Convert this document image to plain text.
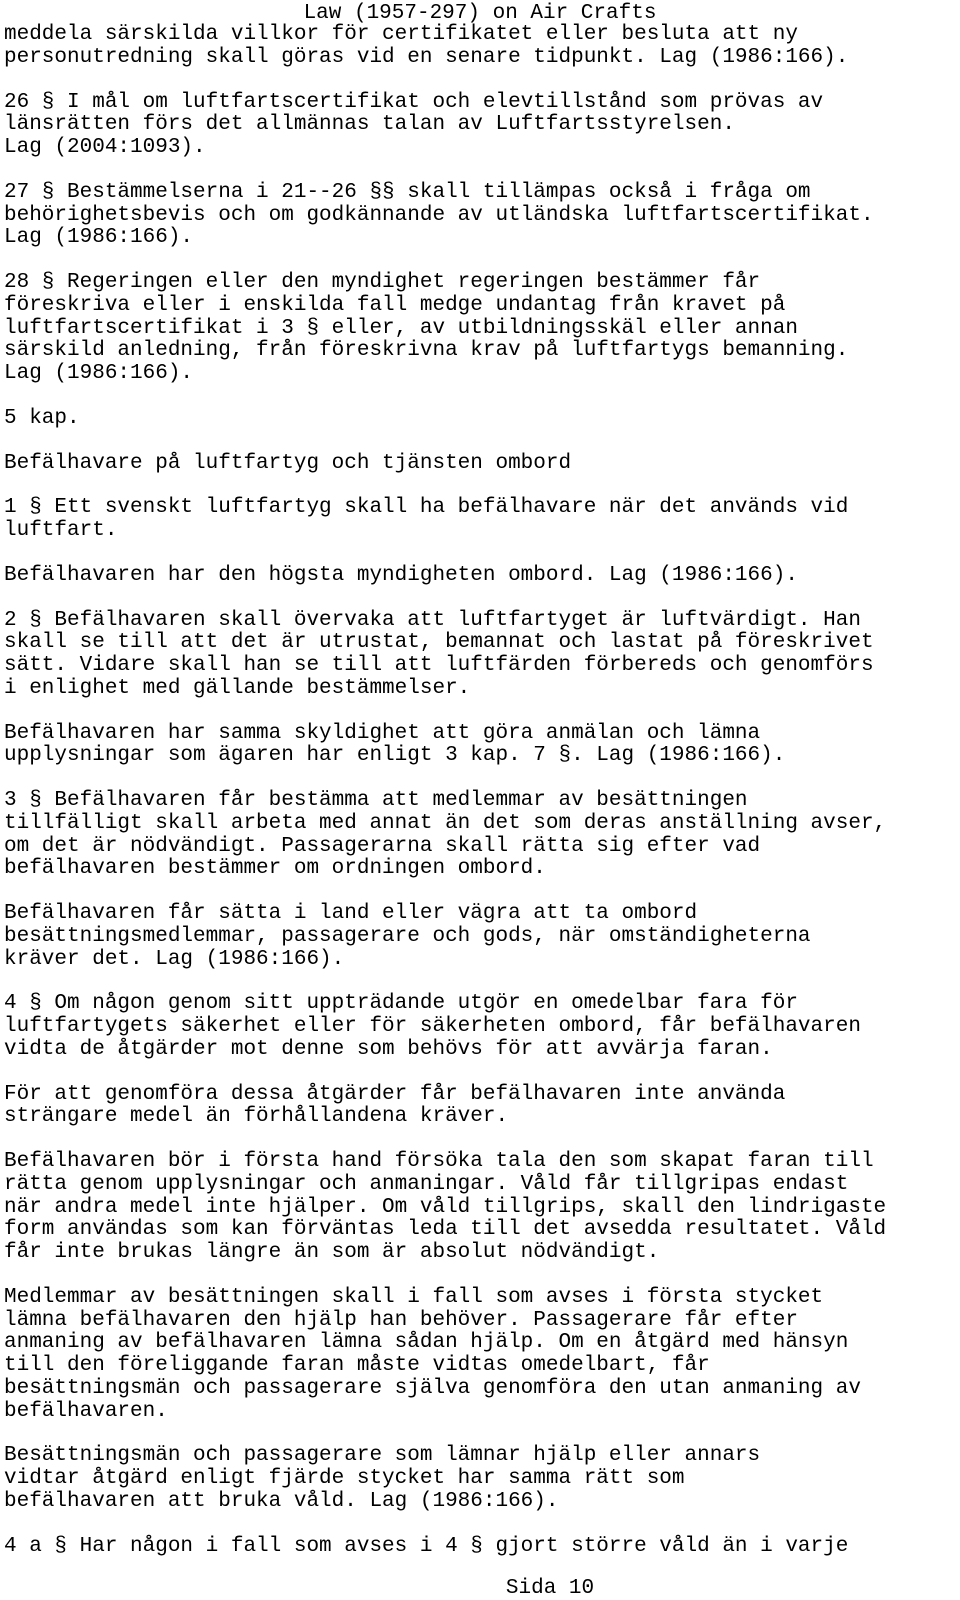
Law (1957-297) on Air Crafts

meddela särskilda villkor för certifikatet eller besluta att ny
personutredning skall göras vid en senare tidpunkt. Lag (1986:166).

26 § I mål om luftfartscertifikat och elevtillstånd som prövas av
länsrätten förs det allmännas talan av Luftfartsstyrelsen.
Lag (2004:1093).

27 § Bestämmelserna i 21--26 §§ skall tillämpas också i fråga om
behörighetsbevis och om godkännande av utländska luftfartscertifikat.
Lag (1986:166).

28 § Regeringen eller den myndighet regeringen bestämmer får
föreskriva eller i enskilda fall medge undantag från kravet på
luftfartscertifikat i 3 § eller, av utbildningsskäl eller annan
särskild anledning, från föreskrivna krav på luftfartygs bemanning.
Lag (1986:166).

5 kap.

Befälhavare på luftfartyg och tjänsten ombord

1 § Ett svenskt luftfartyg skall ha befälhavare när det används vid
luftfart.

Befälhavaren har den högsta myndigheten ombord. Lag (1986:166).

2 § Befälhavaren skall övervaka att luftfartyget är luftvärdigt. Han
skall se till att det är utrustat, bemannat och lastat på föreskrivet
sätt. Vidare skall han se till att luftfärden förbereds och genomförs
i enlighet med gällande bestämmelser.

Befälhavaren har samma skyldighet att göra anmälan och lämna
upplysningar som ägaren har enligt 3 kap. 7 §. Lag (1986:166).

3 § Befälhavaren får bestämma att medlemmar av besättningen
tillfälligt skall arbeta med annat än det som deras anställning avser,
om det är nödvändigt. Passagerarna skall rätta sig efter vad
befälhavaren bestämmer om ordningen ombord.

Befälhavaren får sätta i land eller vägra att ta ombord
besättningsmedlemmar, passagerare och gods, när omständigheterna
kräver det. Lag (1986:166).

4 § Om någon genom sitt uppträdande utgör en omedelbar fara för
luftfartygets säkerhet eller för säkerheten ombord, får befälhavaren
vidta de åtgärder mot denne som behövs för att avvärja faran.

För att genomföra dessa åtgärder får befälhavaren inte använda
strängare medel än förhållandena kräver.

Befälhavaren bör i första hand försöka tala den som skapat faran till
rätta genom upplysningar och anmaningar. Våld får tillgripas endast
när andra medel inte hjälper. Om våld tillgrips, skall den lindrigaste
form användas som kan förväntas leda till det avsedda resultatet. Våld
får inte brukas längre än som är absolut nödvändigt.

Medlemmar av besättningen skall i fall som avses i första stycket
lämna befälhavaren den hjälp han behöver. Passagerare får efter
anmaning av befälhavaren lämna sådan hjälp. Om en åtgärd med hänsyn
till den föreliggande faran måste vidtas omedelbart, får
besättningsmän och passagerare själva genomföra den utan anmaning av
befälhavaren.

Besättningsmän och passagerare som lämnar hjälp eller annars
vidtar åtgärd enligt fjärde stycket har samma rätt som
befälhavaren att bruka våld. Lag (1986:166).

4 a § Har någon i fall som avses i 4 § gjort större våld än i varje

Sida 10
